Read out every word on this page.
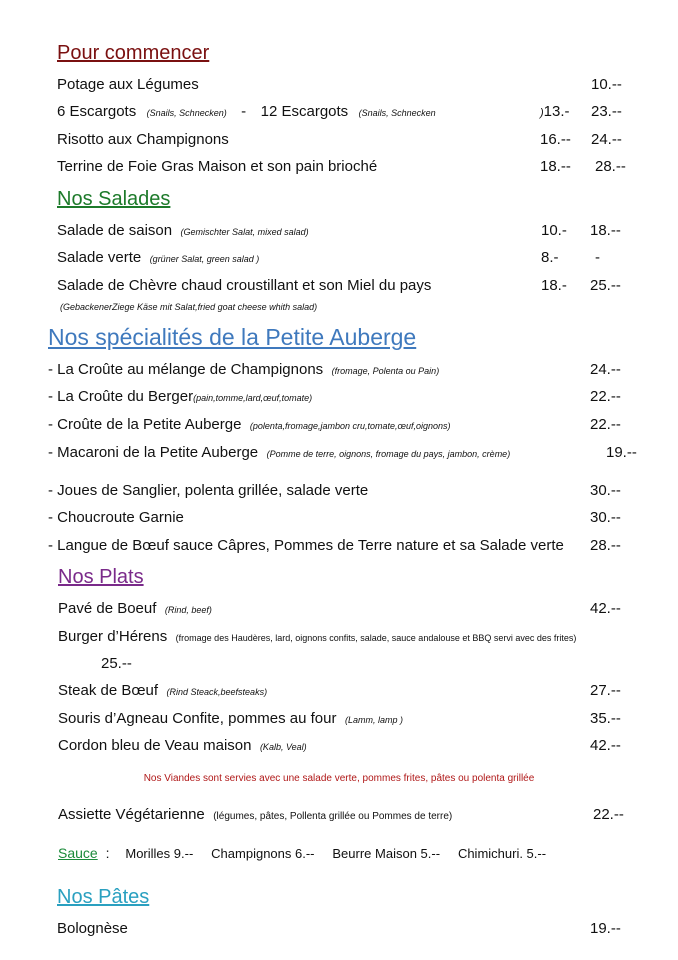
Pour commencer
Potage aux Légumes	10.--
6 Escargots (Snails, Schnecken) - 12 Escargots (Snails, Schnecken	)13.- 23.--
Risotto aux Champignons	16.-- 24.--
Terrine de Foie Gras Maison et son pain brioché	18.-- 28.--
Nos Salades
Salade de saison (Gemischter Salat, mixed salad)	10.- 18.--
Salade verte (grüner Salat, green salad )	8.- -
Salade de Chèvre chaud croustillant et son Miel du pays	18.- 25.--
(GebackenerZiege Käse mit Salat,fried goat cheese whith salad)
Nos spécialités de la Petite Auberge
- La Croûte au mélange de Champignons (fromage, Polenta ou Pain)	24.--
- La Croûte du Berger(pain,tomme,lard,œuf,tomate)	22.--
- Croûte de la Petite Auberge (polenta,fromage,jambon cru,tomate,œuf,oignons)	22.--
- Macaroni de la Petite Auberge (Pomme de terre, oignons, fromage du pays, jambon, crème)	19.--
- Joues de Sanglier, polenta grillée, salade verte	30.--
- Choucroute Garnie	30.--
- Langue de Bœuf sauce Câpres, Pommes de Terre nature et sa Salade verte 28.--
Nos Plats
Pavé de Boeuf (Rind, beef)	42.--
Burger d’Hérens (fromage des Haudères, lard, oignons confits, salade, sauce andalouse et BBQ servi avec des frites)
25.--
Steak de Bœuf (Rind Steack,beefsteaks)	27.--
Souris d’Agneau Confite, pommes au four (Lamm, lamp )	35.--
Cordon bleu de Veau maison (Kalb, Veal)	42.--
Nos Viandes sont servies avec une salade verte, pommes frites, pâtes ou polenta grillée
Assiette Végétarienne (légumes, pâtes, Pollenta grillée ou Pommes de terre)	22.--
Sauce : Morilles 9.-- Champignons 6.-- Beurre Maison 5.-- Chimichuri. 5.--
Nos Pâtes
Bolognèse	19.--
